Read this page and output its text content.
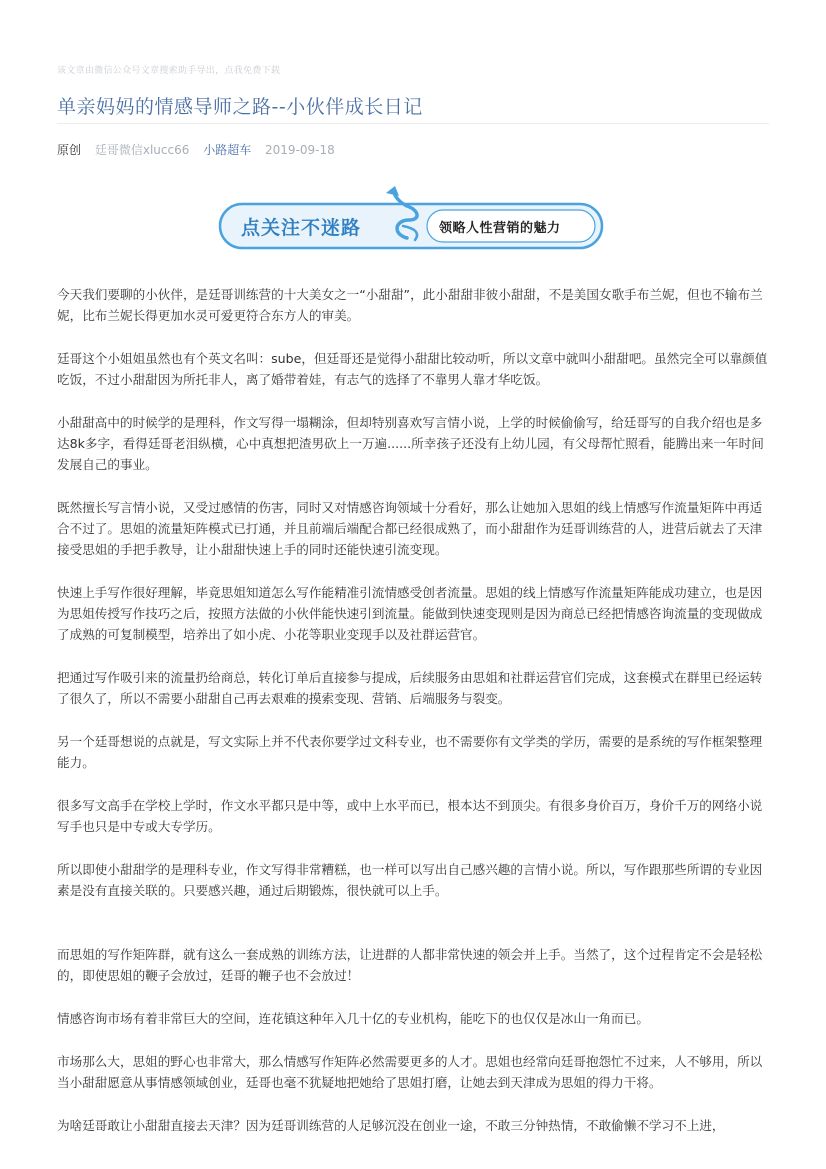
该文章由微信公众号文章搜索助手导出，点我免费下载
单亲妈妈的情感导师之路--小伙伴成长日记
原创 廷哥微信xlucc66 小路超车 2019-09-18
点关注不迷路	领略人性营销的魅力

今天我们要聊的小伙伴，是廷哥训练营的十大美女之一“小甜甜”，此小甜甜非彼小甜甜，不是美国女歌手布兰妮，但也不输布兰妮，比布兰妮长得更加水灵可爱更符合东方人的审美。

廷哥这个小姐姐虽然也有个英文名叫：sube，但廷哥还是觉得小甜甜比较动听，所以文章中就叫小甜甜吧。虽然完全可以靠颜值吃饭，不过小甜甜因为所托非人，离了婚带着娃，有志气的选择了不靠男人靠才华吃饭。

小甜甜高中的时候学的是理科，作文写得一塌糊涂，但却特别喜欢写言情小说，上学的时候偷偷写，给廷哥写的自我介绍也是多达8k多字，看得廷哥老泪纵横，心中真想把渣男砍上一万遍......所幸孩子还没有上幼儿园，有父母帮忙照看，能腾出来一年时间发展自己的事业。

既然擅长写言情小说，又受过感情的伤害，同时又对情感咨询领域十分看好，那么让她加入思姐的线上情感写作流量矩阵中再适合不过了。思姐的流量矩阵模式已打通，并且前端后端配合都已经很成熟了，而小甜甜作为廷哥训练营的人，进营后就去了天津接受思姐的手把手教导，让小甜甜快速上手的同时还能快速引流变现。

快速上手写作很好理解，毕竟思姐知道怎么写作能精准引流情感受创者流量。思姐的线上情感写作流量矩阵能成功建立，也是因为思姐传授写作技巧之后，按照方法做的小伙伴能快速引到流量。能做到快速变现则是因为商总已经把情感咨询流量的变现做成了成熟的可复制模型，培养出了如小虎、小花等职业变现手以及社群运营官。

把通过写作吸引来的流量扔给商总，转化订单后直接参与提成，后续服务由思姐和社群运营官们完成，这套模式在群里已经运转了很久了，所以不需要小甜甜自己再去艰难的摸索变现、营销、后端服务与裂变。

另一个廷哥想说的点就是，写文实际上并不代表你要学过文科专业，也不需要你有文学类的学历，需要的是系统的写作框架整理能力。

很多写文高手在学校上学时，作文水平都只是中等，或中上水平而已，根本达不到顶尖。有很多身价百万，身价千万的网络小说写手也只是中专或大专学历。

所以即使小甜甜学的是理科专业，作文写得非常糟糕，也一样可以写出自己感兴趣的言情小说。所以，写作跟那些所谓的专业因素是没有直接关联的。只要感兴趣，通过后期锻炼，很快就可以上手。

而思姐的写作矩阵群，就有这么一套成熟的训练方法，让进群的人都非常快速的领会并上手。当然了，这个过程肯定不会是轻松的，即使思姐的鞭子会放过，廷哥的鞭子也不会放过！

情感咨询市场有着非常巨大的空间，连花镇这种年入几十亿的专业机构，能吃下的也仅仅是冰山一角而已。

市场那么大，思姐的野心也非常大，那么情感写作矩阵必然需要更多的人才。思姐也经常向廷哥抱怨忙不过来，人不够用，所以当小甜甜愿意从事情感领域创业，廷哥也毫不犹疑地把她给了思姐打磨，让她去到天津成为思姐的得力干将。

为啥廷哥敢让小甜甜直接去天津？因为廷哥训练营的人足够沉没在创业一途，不敢三分钟热情，不敢偷懒不学习不上进，
